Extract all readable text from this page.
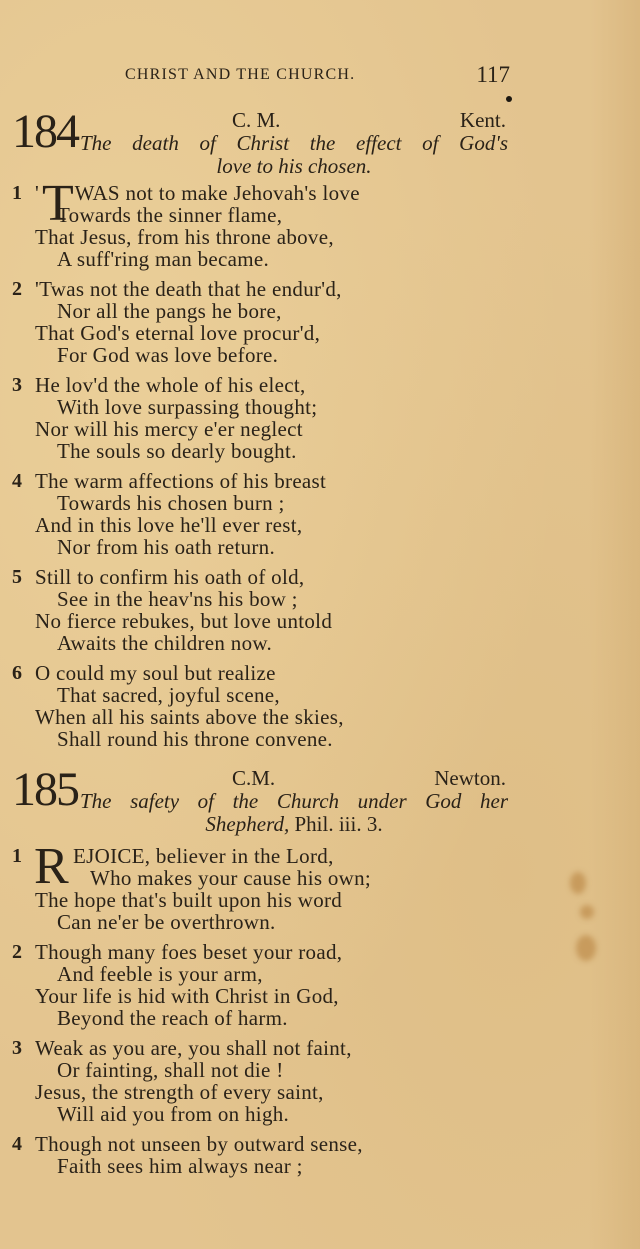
CHRIST AND THE CHURCH.	117
184	C. M.	Kent.
The death of Christ the effect of God's
love to his chosen.
1 ' T WAS not to make Jehovah's love
Towards the sinner flame,
That Jesus, from his throne above,
A suff'ring man became.
2 'Twas not the death that he endur'd,
Nor all the pangs he bore,
That God's eternal love procur'd,
For God was love before.
3 He lov'd the whole of his elect,
With love surpassing thought;
Nor will his mercy e'er neglect
The souls so dearly bought.
4 The warm affections of his breast
Towards his chosen burn ;
And in this love he'll ever rest,
Nor from his oath return.
5 Still to confirm his oath of old,
See in the heav'ns his bow ;
No fierce rebukes, but love untold
Awaits the children now.
6 O could my soul but realize
That sacred, joyful scene,
When all his saints above the skies,
Shall round his throne convene.
185	C.M.	Newton.
The safety of the Church under God her
Shepherd, Phil. iii. 3.
1 R EJOICE, believer in the Lord,
Who makes your cause his own;
The hope that's built upon his word
Can ne'er be overthrown.
2 Though many foes beset your road,
And feeble is your arm,
Your life is hid with Christ in God,
Beyond the reach of harm.
3 Weak as you are, you shall not faint,
Or fainting, shall not die !
Jesus, the strength of every saint,
Will aid you from on high.
4 Though not unseen by outward sense,
Faith sees him always near ;
